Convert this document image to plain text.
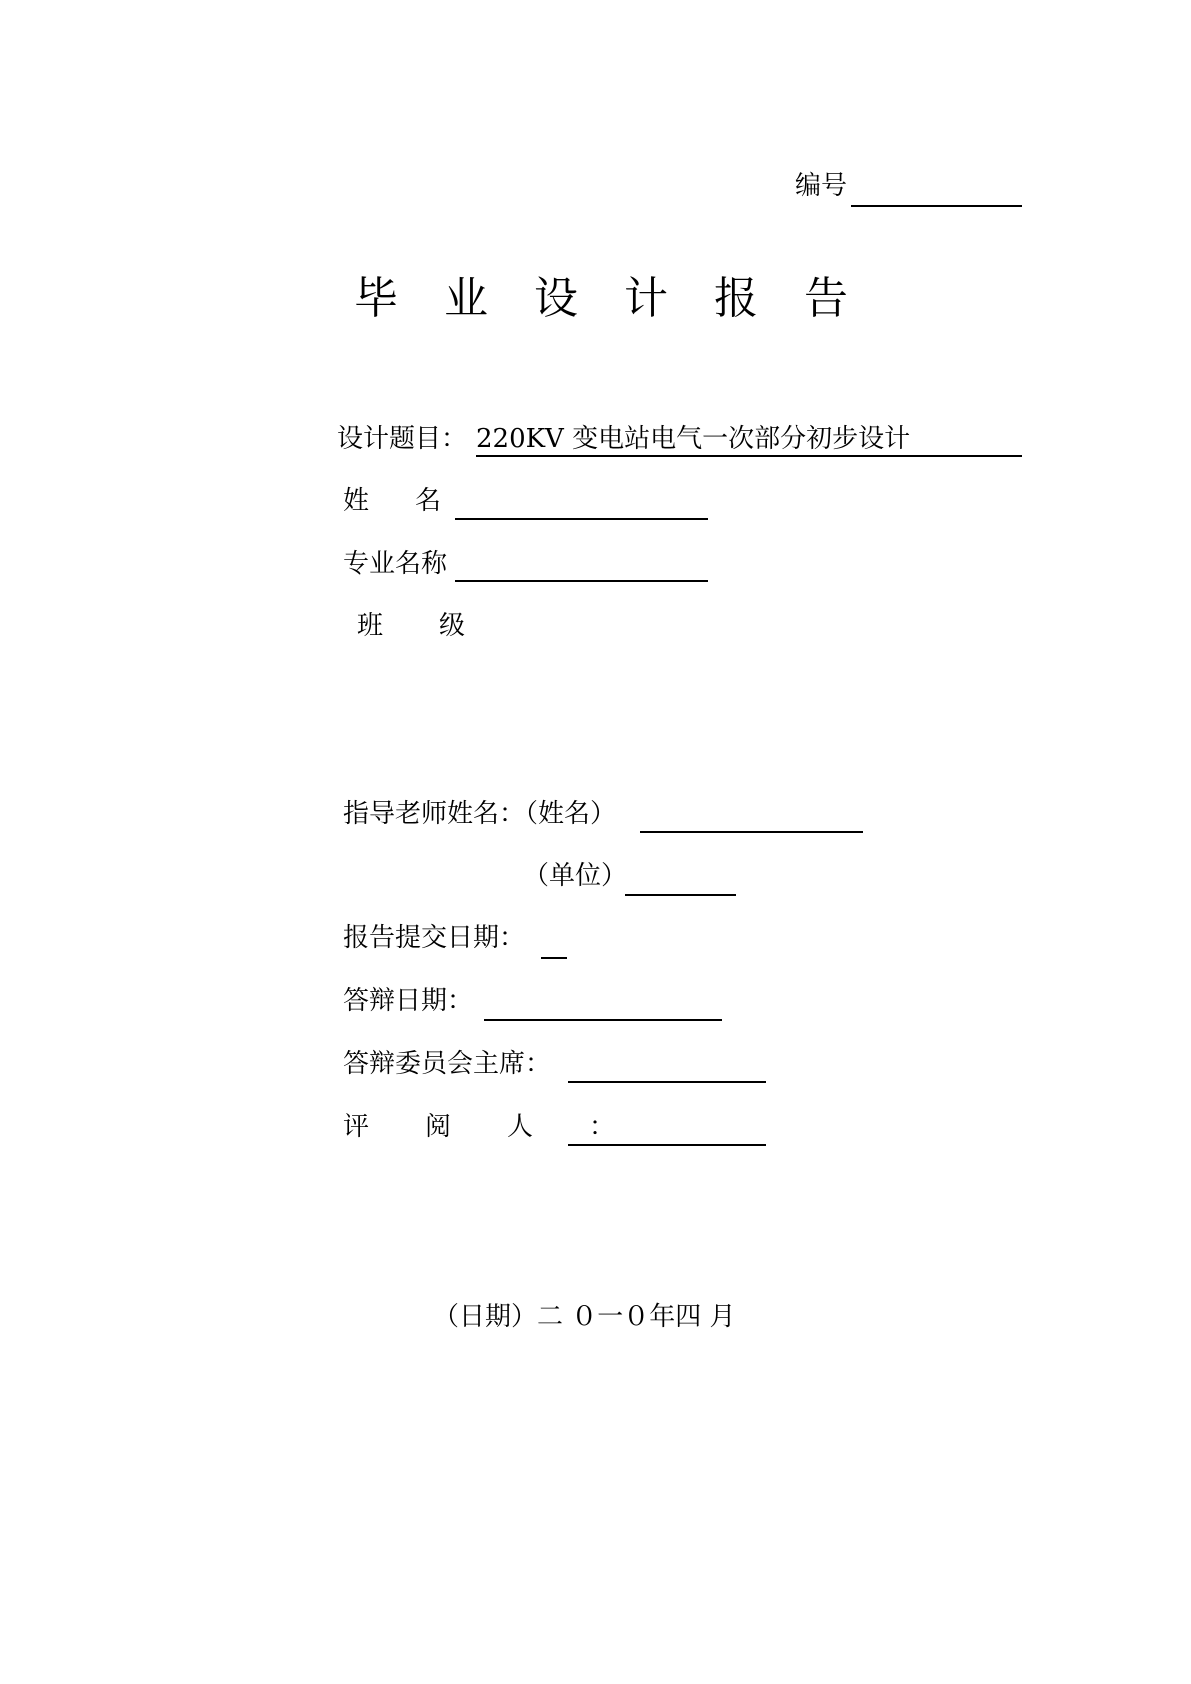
编号
毕业设计报告
设计题目： 220KV 变电站电气一次部分初步设计
姓名
专业名称
班级
指导老师姓名：（姓名）
（单位）
报告提交日期：
答辩日期：
答辩委员会主席：
评阅人：
（日期）二 ０一０年四 月
